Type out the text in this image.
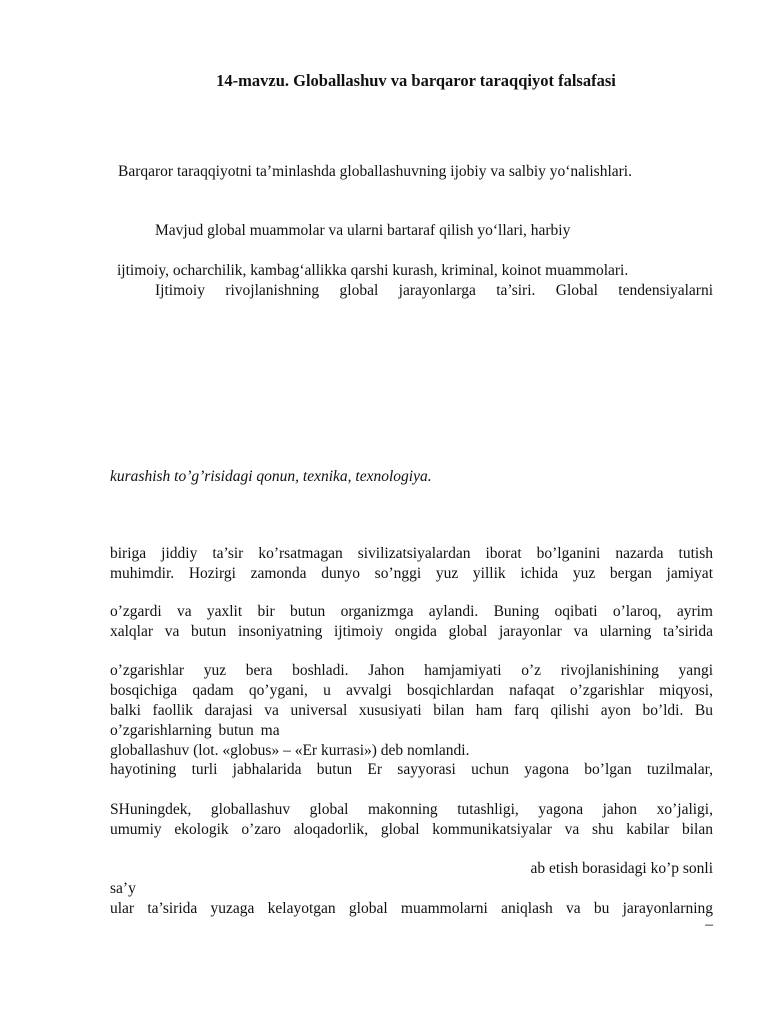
14-mavzu. Globallashuv va barqaror taraqqiyot falsafasi
Barqaror taraqqiyotni ta’minlashda globallashuvning ijobiy va salbiy yo‘nalishlari.
Mavjud global muammolar va ularni bartaraf qilish yo‘llari, harbiy
ijtimoiy, ocharchilik, kambag‘allikka qarshi kurash, kriminal, koinot muammolari.
Ijtimoiy rivojlanishning global jarayonlarga ta’siri. Global tendensiyalarni
kurashish to’g’risidagi qonun, texnika, texnologiya.
biriga jiddiy ta’sir ko’rsatmagan sivilizatsiyalardan iborat bo’lganini nazarda tutish
muhimdir. Hozirgi zamonda dunyo so’nggi yuz yillik ichida yuz bergan jamiyat
o’zgardi va yaxlit bir butun organizmga aylandi. Buning oqibati o’laroq, ayrim
xalqlar va butun insoniyatning ijtimoiy ongida global jarayonlar va ularning ta’sirida
o’zgarishlar yuz bera boshladi. Jahon hamjamiyati o’z rivojlanishining yangi
bosqichiga qadam qo’ygani, u avvalgi bosqichlardan nafaqat o’zgarishlar miqyosi,
balki faollik darajasi va universal xususiyati bilan ham farq qilishi ayon bo’ldi. Bu
o’zgarishlarning butun ma
globallashuv (lot. «globus» – «Er kurrasi») deb nomlandi.
hayotining turli jabhalarida butun Er sayyorasi uchun yagona bo’lgan tuzilmalar,
SHuningdek, globallashuv global makonning tutashligi, yagona jahon xo’jaligi,
umumiy ekologik o’zaro aloqadorlik, global kommunikatsiyalar va shu kabilar bilan
ab etish borasidagi ko’p sonli
sa’y
ular ta’sirida yuzaga kelayotgan global muammolarni aniqlash va bu jarayonlarning
–
